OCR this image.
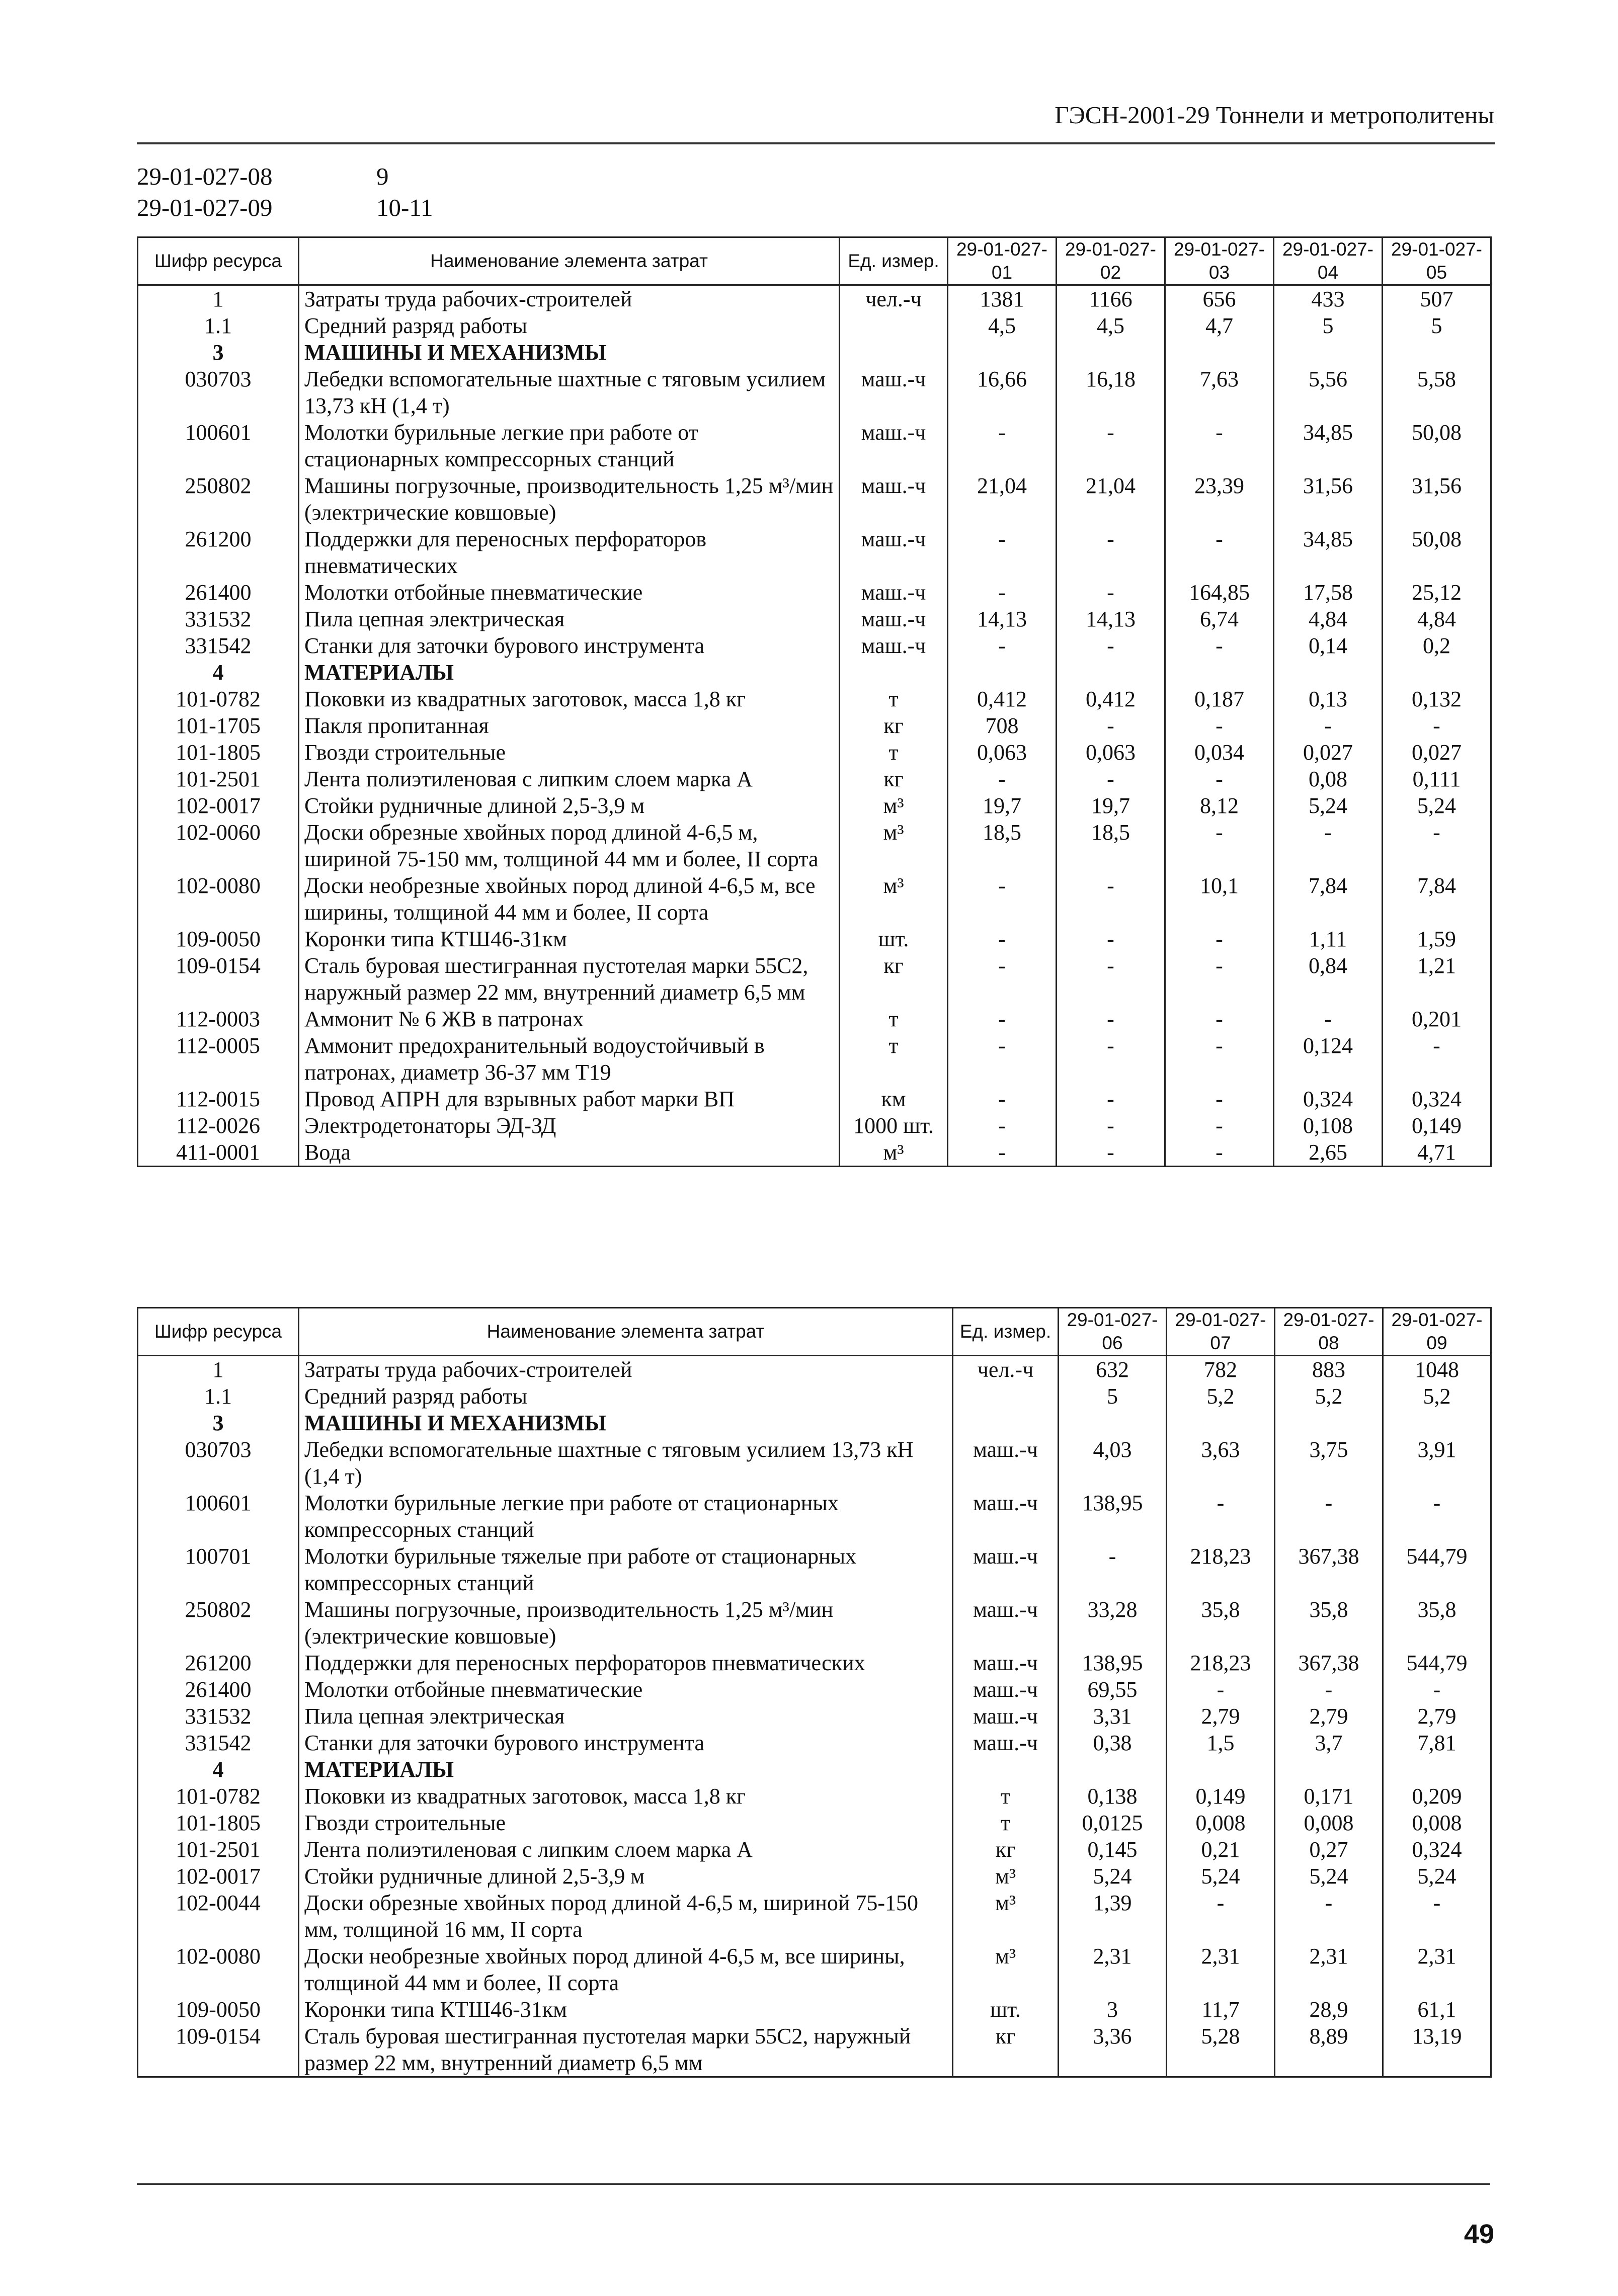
ГЭСН-2001-29 Тоннели и метрополитены
29-01-027-08	9
29-01-027-09	10-11
Шифр ресурса	Наименование элемента затрат	Ед. измер.	29-01-027-01	29-01-027-02	29-01-027-03	29-01-027-04	29-01-027-05
1	Затраты труда рабочих-строителей	чел.-ч	1381	1166	656	433	507
1.1	Средний разряд работы		4,5	4,5	4,7	5	5
3	МАШИНЫ И МЕХАНИЗМЫ						
030703	Лебедки вспомогательные шахтные с тяговым усилием 13,73 кН (1,4 т)	маш.-ч	16,66	16,18	7,63	5,56	5,58
100601	Молотки бурильные легкие при работе от стационарных компрессорных станций	маш.-ч	-	-	-	34,85	50,08
250802	Машины погрузочные, производительность 1,25 м³/мин (электрические ковшовые)	маш.-ч	21,04	21,04	23,39	31,56	31,56
261200	Поддержки для переносных перфораторов пневматических	маш.-ч	-	-	-	34,85	50,08
261400	Молотки отбойные пневматические	маш.-ч	-	-	164,85	17,58	25,12
331532	Пила цепная электрическая	маш.-ч	14,13	14,13	6,74	4,84	4,84
331542	Станки для заточки бурового инструмента	маш.-ч	-	-	-	0,14	0,2
4	МАТЕРИАЛЫ						
101-0782	Поковки из квадратных заготовок, масса 1,8 кг	т	0,412	0,412	0,187	0,13	0,132
101-1705	Пакля пропитанная	кг	708	-	-	-	-
101-1805	Гвозди строительные	т	0,063	0,063	0,034	0,027	0,027
101-2501	Лента полиэтиленовая с липким слоем марка А	кг	-	-	-	0,08	0,111
102-0017	Стойки рудничные длиной 2,5-3,9 м	м³	19,7	19,7	8,12	5,24	5,24
102-0060	Доски обрезные хвойных пород длиной 4-6,5 м, шириной 75-150 мм, толщиной 44 мм и более, II сорта	м³	18,5	18,5	-	-	-
102-0080	Доски необрезные хвойных пород длиной 4-6,5 м, все ширины, толщиной 44 мм и более, II сорта	м³	-	-	10,1	7,84	7,84
109-0050	Коронки типа КТШ46-31км	шт.	-	-	-	1,11	1,59
109-0154	Сталь буровая шестигранная пустотелая марки 55С2, наружный размер 22 мм, внутренний диаметр 6,5 мм	кг	-	-	-	0,84	1,21
112-0003	Аммонит № 6 ЖВ в патронах	т	-	-	-	-	0,201
112-0005	Аммонит предохранительный водоустойчивый в патронах, диаметр 36-37 мм Т19	т	-	-	-	0,124	-
112-0015	Провод АПРН для взрывных работ марки ВП	км	-	-	-	0,324	0,324
112-0026	Электродетонаторы ЭД-ЗД	1000 шт.	-	-	-	0,108	0,149
411-0001	Вода	м³	-	-	-	2,65	4,71
Шифр ресурса	Наименование элемента затрат	Ед. измер.	29-01-027-06	29-01-027-07	29-01-027-08	29-01-027-09
1	Затраты труда рабочих-строителей	чел.-ч	632	782	883	1048
1.1	Средний разряд работы		5	5,2	5,2	5,2
3	МАШИНЫ И МЕХАНИЗМЫ					
030703	Лебедки вспомогательные шахтные с тяговым усилием 13,73 кН (1,4 т)	маш.-ч	4,03	3,63	3,75	3,91
100601	Молотки бурильные легкие при работе от стационарных компрессорных станций	маш.-ч	138,95	-	-	-
100701	Молотки бурильные тяжелые при работе от стационарных компрессорных станций	маш.-ч	-	218,23	367,38	544,79
250802	Машины погрузочные, производительность 1,25 м³/мин (электрические ковшовые)	маш.-ч	33,28	35,8	35,8	35,8
261200	Поддержки для переносных перфораторов пневматических	маш.-ч	138,95	218,23	367,38	544,79
261400	Молотки отбойные пневматические	маш.-ч	69,55	-	-	-
331532	Пила цепная электрическая	маш.-ч	3,31	2,79	2,79	2,79
331542	Станки для заточки бурового инструмента	маш.-ч	0,38	1,5	3,7	7,81
4	МАТЕРИАЛЫ					
101-0782	Поковки из квадратных заготовок, масса 1,8 кг	т	0,138	0,149	0,171	0,209
101-1805	Гвозди строительные	т	0,0125	0,008	0,008	0,008
101-2501	Лента полиэтиленовая с липким слоем марка А	кг	0,145	0,21	0,27	0,324
102-0017	Стойки рудничные длиной 2,5-3,9 м	м³	5,24	5,24	5,24	5,24
102-0044	Доски обрезные хвойных пород длиной 4-6,5 м, шириной 75-150 мм, толщиной 16 мм, II сорта	м³	1,39	-	-	-
102-0080	Доски необрезные хвойных пород длиной 4-6,5 м, все ширины, толщиной 44 мм и более, II сорта	м³	2,31	2,31	2,31	2,31
109-0050	Коронки типа КТШ46-31км	шт.	3	11,7	28,9	61,1
109-0154	Сталь буровая шестигранная пустотелая марки 55С2, наружный размер 22 мм, внутренний диаметр 6,5 мм	кг	3,36	5,28	8,89	13,19
49
